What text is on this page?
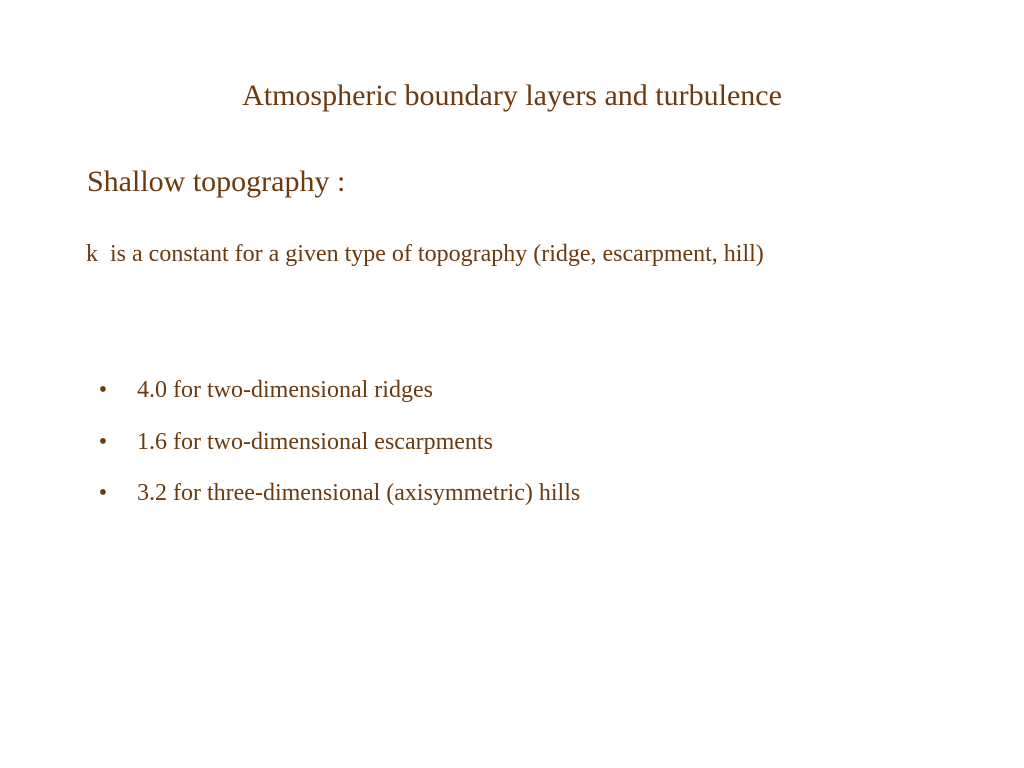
Atmospheric boundary layers and turbulence
Shallow topography :
k  is a constant for a given type of topography (ridge, escarpment, hill)
• 4.0 for two-dimensional ridges
• 1.6 for two-dimensional escarpments
• 3.2 for three-dimensional (axisymmetric) hills
